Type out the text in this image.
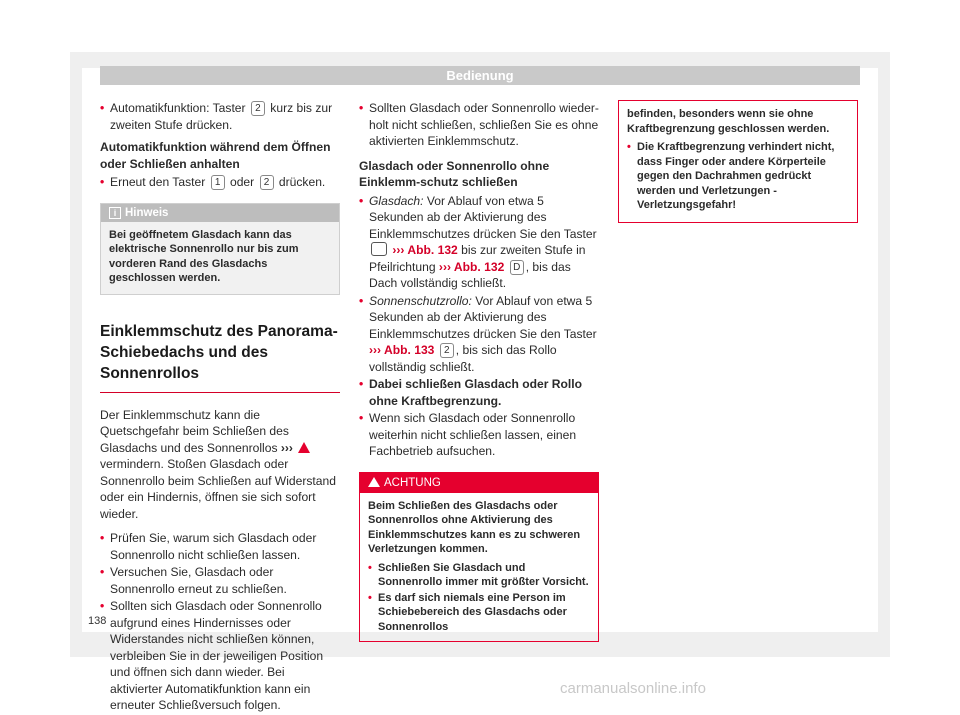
Bedienung
• Automatikfunktion: Taster 2 kurz bis zur zweiten Stufe drücken.

Automatikfunktion während dem Öffnen oder Schließen anhalten

• Erneut den Taster 1 oder 2 drücken.
i Hinweis
Bei geöffnetem Glasdach kann das elektrische Sonnenrollo nur bis zum vorderen Rand des Glasdachs geschlossen werden.
Einklemmschutz des Panorama-Schiebedachs und des Sonnenrollos

Der Einklemmschutz kann die Quetschgefahr beim Schließen des Glasdachs und des Sonnenrollos ›››  vermindern. Stoßen Glasdach oder Sonnenrollo beim Schließen auf Widerstand oder ein Hindernis, öffnen sie sich sofort wieder.

• Prüfen Sie, warum sich Glasdach oder Sonnenrollo nicht schließen lassen.
• Versuchen Sie, Glasdach oder Sonnenrollo erneut zu schließen.
• Sollten sich Glasdach oder Sonnenrollo aufgrund eines Hindernisses oder Widerstandes nicht schließen können, verbleiben Sie in der jeweiligen Position und öffnen sich dann wieder. Bei aktivierter Automatikfunktion kann ein erneuter Schließversuch folgen.
• Sollten Glasdach oder Sonnenrollo wieder-holt nicht schließen, schließen Sie es ohne aktivierten Einklemmschutz.

Glasdach oder Sonnenrollo ohne Einklemm-schutz schließen

• Glasdach: Vor Ablauf von etwa 5 Sekunden ab der Aktivierung des Einklemmschutzes drücken Sie den Taster  ››› Abb. 132 bis zur zweiten Stufe in Pfeilrichtung ››› Abb. 132 D , bis das Dach vollständig schließt.
• Sonnenschutzrollo: Vor Ablauf von etwa 5 Sekunden ab der Aktivierung des Einklemmschutzes drücken Sie den Taster ››› Abb. 133 2 , bis sich das Rollo vollständig schließt.
• Dabei schließen Glasdach oder Rollo ohne Kraftbegrenzung.
• Wenn sich Glasdach oder Sonnenrollo weiterhin nicht schließen lassen, einen Fachbetrieb aufsuchen.
ACHTUNG

Beim Schließen des Glasdachs oder Sonnenrollos ohne Aktivierung des Einklemmschutzes kann es zu schweren Verletzungen kommen.

• Schließen Sie Glasdach und Sonnenrollo immer mit größter Vorsicht.
• Es darf sich niemals eine Person im Schiebebereich des Glasdachs oder Sonnenrollos

befinden, besonders wenn sie ohne Kraftbegrenzung geschlossen werden.

• Die Kraftbegrenzung verhindert nicht, dass Finger oder andere Körperteile gegen den Dachrahmen gedrückt werden und Verletzungen - Verletzungsgefahr!
138
carmanualsonline.info
